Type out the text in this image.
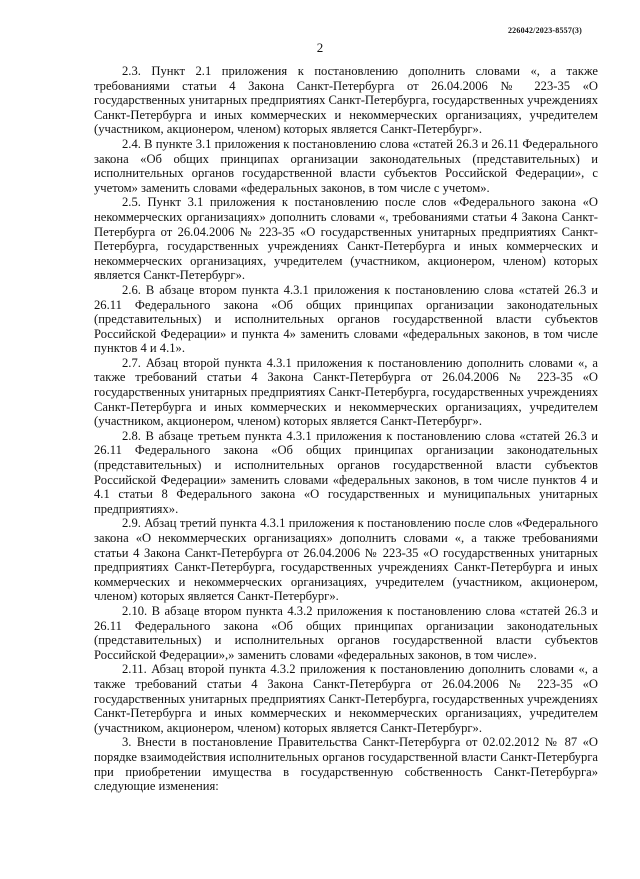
226042/2023-8557(3)
2

2.3. Пункт 2.1 приложения к постановлению дополнить словами «, а также требованиями статьи 4 Закона Санкт-Петербурга от 26.04.2006 № 223-35 «О государственных унитарных предприятиях Санкт-Петербурга, государственных учреждениях Санкт-Петербурга и иных коммерческих и некоммерческих организациях, учредителем (участником, акционером, членом) которых является Санкт-Петербург».

2.4. В пункте 3.1 приложения к постановлению слова «статей 26.3 и 26.11 Федерального закона «Об общих принципах организации законодательных (представительных) и исполнительных органов государственной власти субъектов Российской Федерации», с учетом» заменить словами «федеральных законов, в том числе с учетом».

2.5. Пункт 3.1 приложения к постановлению после слов «Федерального закона «О некоммерческих организациях» дополнить словами «, требованиями статьи 4 Закона Санкт-Петербурга от 26.04.2006 № 223-35 «О государственных унитарных предприятиях Санкт-Петербурга, государственных учреждениях Санкт-Петербурга и иных коммерческих и некоммерческих организациях, учредителем (участником, акционером, членом) которых является Санкт-Петербург».

2.6. В абзаце втором пункта 4.3.1 приложения к постановлению слова «статей 26.3 и 26.11 Федерального закона «Об общих принципах организации законодательных (представительных) и исполнительных органов государственной власти субъектов Российской Федерации» и пункта 4» заменить словами «федеральных законов, в том числе пунктов 4 и 4.1».

2.7. Абзац второй пункта 4.3.1 приложения к постановлению дополнить словами «, а также требований статьи 4 Закона Санкт-Петербурга от 26.04.2006 № 223-35 «О государственных унитарных предприятиях Санкт-Петербурга, государственных учреждениях Санкт-Петербурга и иных коммерческих и некоммерческих организациях, учредителем (участником, акционером, членом) которых является Санкт-Петербург».

2.8. В абзаце третьем пункта 4.3.1 приложения к постановлению слова «статей 26.3 и 26.11 Федерального закона «Об общих принципах организации законодательных (представительных) и исполнительных органов государственной власти субъектов Российской Федерации» заменить словами «федеральных законов, в том числе пунктов 4 и 4.1 статьи 8 Федерального закона «О государственных и муниципальных унитарных предприятиях».

2.9. Абзац третий пункта 4.3.1 приложения к постановлению после слов «Федерального закона «О некоммерческих организациях» дополнить словами «, а также требованиями статьи 4 Закона Санкт-Петербурга от 26.04.2006 № 223-35 «О государственных унитарных предприятиях Санкт-Петербурга, государственных учреждениях Санкт-Петербурга и иных коммерческих и некоммерческих организациях, учредителем (участником, акционером, членом) которых является Санкт-Петербург».

2.10. В абзаце втором пункта 4.3.2 приложения к постановлению слова «статей 26.3 и 26.11 Федерального закона «Об общих принципах организации законодательных (представительных) и исполнительных органов государственной власти субъектов Российской Федерации»,» заменить словами «федеральных законов, в том числе».

2.11. Абзац второй пункта 4.3.2 приложения к постановлению дополнить словами «, а также требований статьи 4 Закона Санкт-Петербурга от 26.04.2006 № 223-35 «О государственных унитарных предприятиях Санкт-Петербурга, государственных учреждениях Санкт-Петербурга и иных коммерческих и некоммерческих организациях, учредителем (участником, акционером, членом) которых является Санкт-Петербург».

3. Внести в постановление Правительства Санкт-Петербурга от 02.02.2012 № 87 «О порядке взаимодействия исполнительных органов государственной власти Санкт-Петербурга при приобретении имущества в государственную собственность Санкт-Петербурга» следующие изменения:
